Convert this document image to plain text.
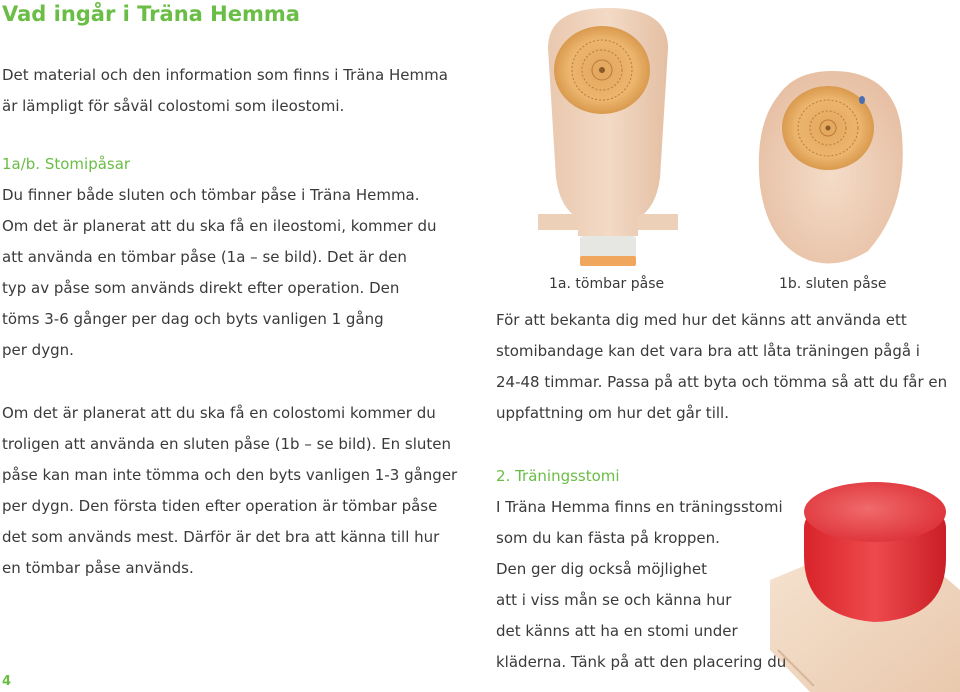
Vad ingår i Träna Hemma
Det material och den information som finns i Träna Hemma
är lämpligt för såväl colostomi som ileostomi.
1a/b. Stomipåsar
Du finner både sluten och tömbar påse i Träna Hemma.
Om det är planerat att du ska få en ileostomi, kommer du
att använda en tömbar påse (1a – se bild). Det är den
typ av påse som används direkt efter operation. Den
töms 3-6 gånger per dag och byts vanligen 1 gång
per dygn.
Om det är planerat att du ska få en colostomi kommer du
troligen att använda en sluten påse (1b – se bild). En sluten
påse kan man inte tömma och den byts vanligen 1-3 gånger
per dygn. Den första tiden efter operation är tömbar påse
det som används mest. Därför är det bra att känna till hur
en tömbar påse används.
1a. tömbar påse	1b. sluten påse
För att bekanta dig med hur det känns att använda ett
stomibandage kan det vara bra att låta träningen pågå i
24-48 timmar. Passa på att byta och tömma så att du får en
uppfattning om hur det går till.
2. Träningsstomi
I Träna Hemma finns en träningsstomi
som du kan fästa på kroppen.
Den ger dig också möjlighet
att i viss mån se och känna hur
det känns att ha en stomi under
kläderna. Tänk på att den placering du
4
